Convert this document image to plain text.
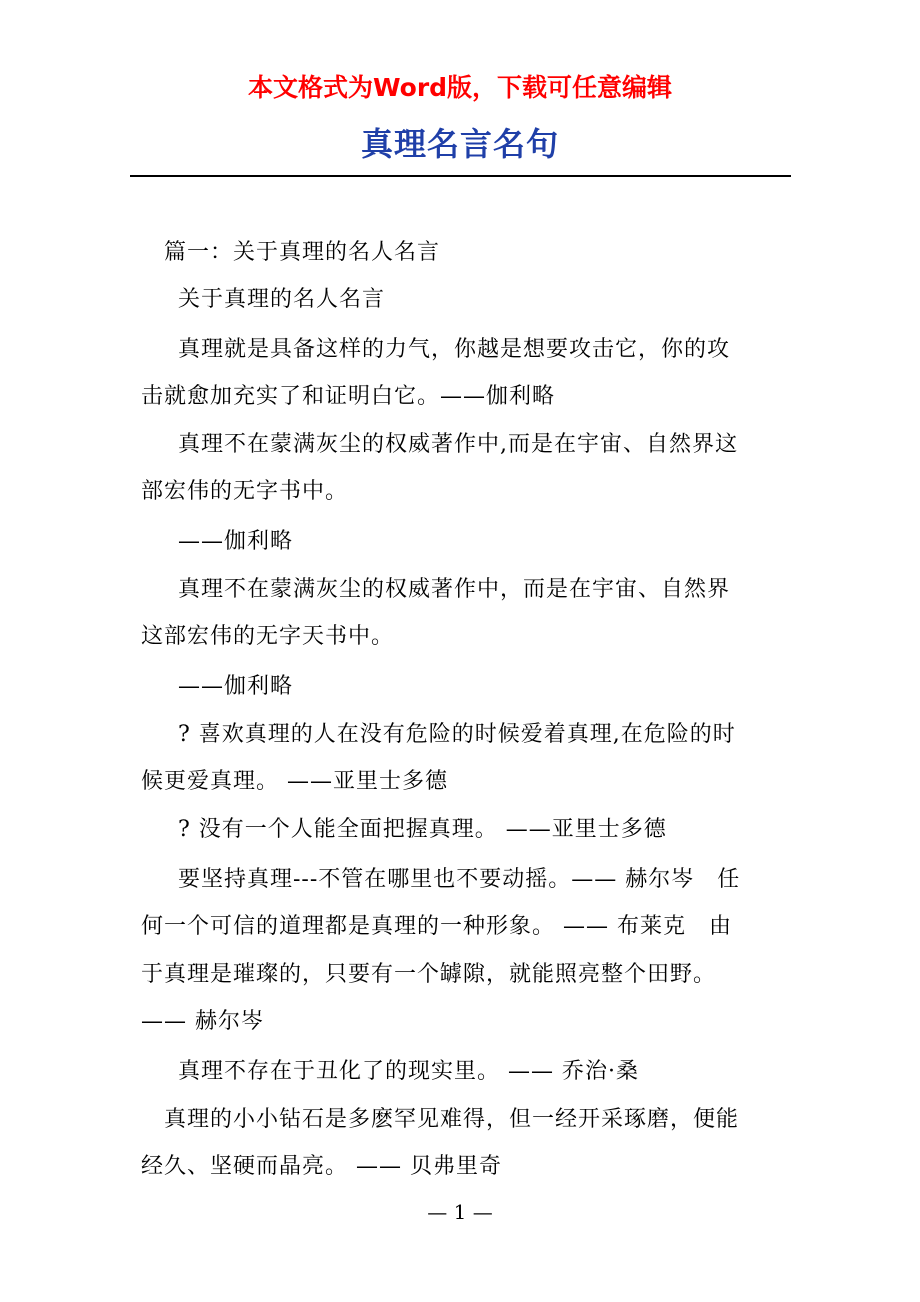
本文格式为Word版，下载可任意编辑
真理名言名句
篇一：关于真理的名人名言
关于真理的名人名言
真理就是具备这样的力气，你越是想要攻击它，你的攻
击就愈加充实了和证明白它。——伽利略
真理不在蒙满灰尘的权威著作中,而是在宇宙、自然界这
部宏伟的无字书中。
——伽利略
真理不在蒙满灰尘的权威著作中，而是在宇宙、自然界
这部宏伟的无字天书中。
——伽利略
? 喜欢真理的人在没有危险的时候爱着真理,在危险的时
候更爱真理。 ——亚里士多德
? 没有一个人能全面把握真理。 ——亚里士多德
要坚持真理---不管在哪里也不要动摇。—— 赫尔岑　任
何一个可信的道理都是真理的一种形象。 —— 布莱克　由
于真理是璀璨的，只要有一个罅隙，就能照亮整个田野。
—— 赫尔岑
真理不存在于丑化了的现实里。 —— 乔治·桑
真理的小小钻石是多麽罕见难得，但一经开采琢磨，便能
经久、坚硬而晶亮。 —— 贝弗里奇
— 1 —
